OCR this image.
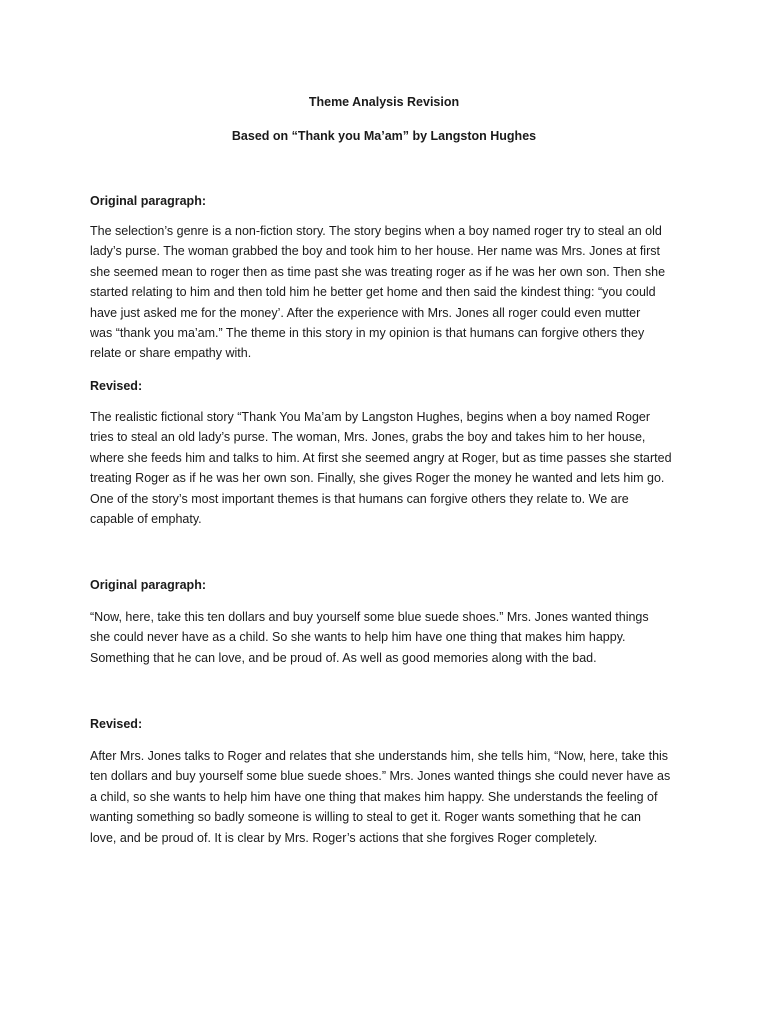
Theme Analysis Revision
Based on “Thank you Ma’am” by Langston Hughes
Original paragraph:
The selection’s genre is a non-fiction story. The story begins when a boy named roger try to steal an old
lady’s purse. The woman grabbed the boy and took him to her house. Her name was Mrs. Jones at first
she seemed mean to roger then as time past she was treating roger as if he was her own son. Then she
started relating to him and then told him he better get home and then said the kindest thing: “you could
have just asked me for the money’. After the experience with Mrs. Jones all roger could even mutter
was “thank you ma’am.” The theme in this story in my opinion is that humans can forgive others they
relate or share empathy with.
Revised:
The realistic fictional story “Thank You Ma’am by Langston Hughes, begins when a boy named Roger
tries to steal an old lady’s purse. The woman, Mrs. Jones, grabs the boy and takes him to her house,
where she feeds him and talks to him. At first she seemed angry at Roger, but as time passes she started
treating Roger as if he was her own son. Finally, she gives Roger the money he wanted and lets him go.
One of the story’s most important themes is that humans can forgive others they relate to. We are
capable of emphaty.
Original paragraph:
“Now, here, take this ten dollars and buy yourself some blue suede shoes.” Mrs. Jones wanted things
she could never have as a child. So she wants to help him have one thing that makes him happy.
Something that he can love, and be proud of. As well as good memories along with the bad.
Revised:
After Mrs. Jones talks to Roger and relates that she understands him, she tells him, “Now, here, take this
ten dollars and buy yourself some blue suede shoes.” Mrs. Jones wanted things she could never have as
a child, so she wants to help him have one thing that makes him happy. She understands the feeling of
wanting something so badly someone is willing to steal to get it. Roger wants something that he can
love, and be proud of. It is clear by Mrs. Roger’s actions that she forgives Roger completely.
